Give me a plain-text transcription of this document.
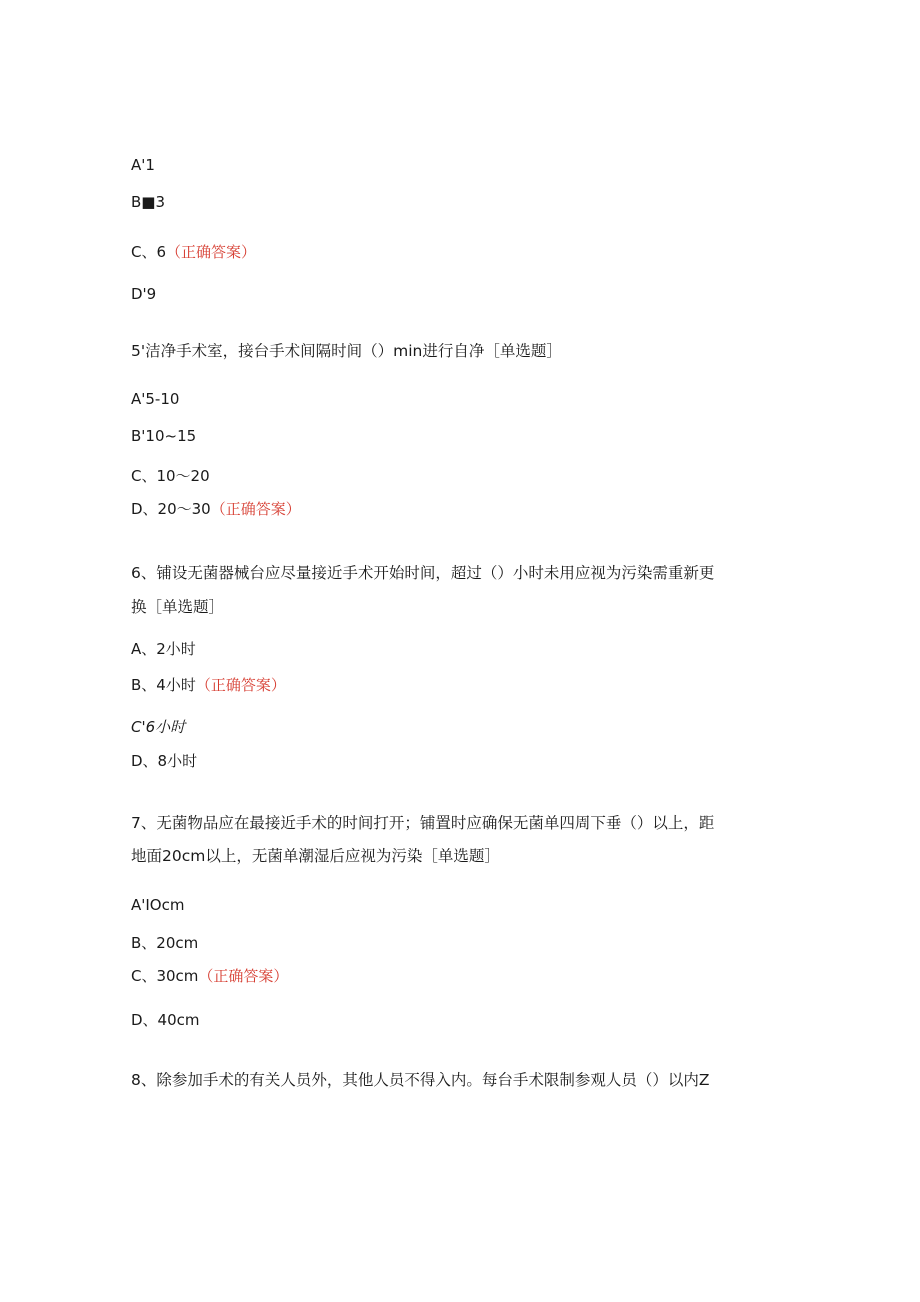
A'1
B■3
C、6（正确答案）
D'9
5'洁净手术室，接台手术间隔时间（）min进行自净［单选题］
A'5-10
B'10~15
C、10～20
D、20～30（正确答案）
6、铺设无菌器械台应尽量接近手术开始时间，超过（）小时未用应视为污染需重新更
换［单选题］
A、2小时
B、4小时（正确答案）
C'6小时
D、8小时
7、无菌物品应在最接近手术的时间打开；铺置时应确保无菌单四周下垂（）以上，距
地面20cm以上，无菌单潮湿后应视为污染［单选题］
A'IOcm
B、20cm
C、30cm（正确答案）
D、40cm
8、除参加手术的有关人员外，其他人员不得入内。每台手术限制参观人员（）以内Z
